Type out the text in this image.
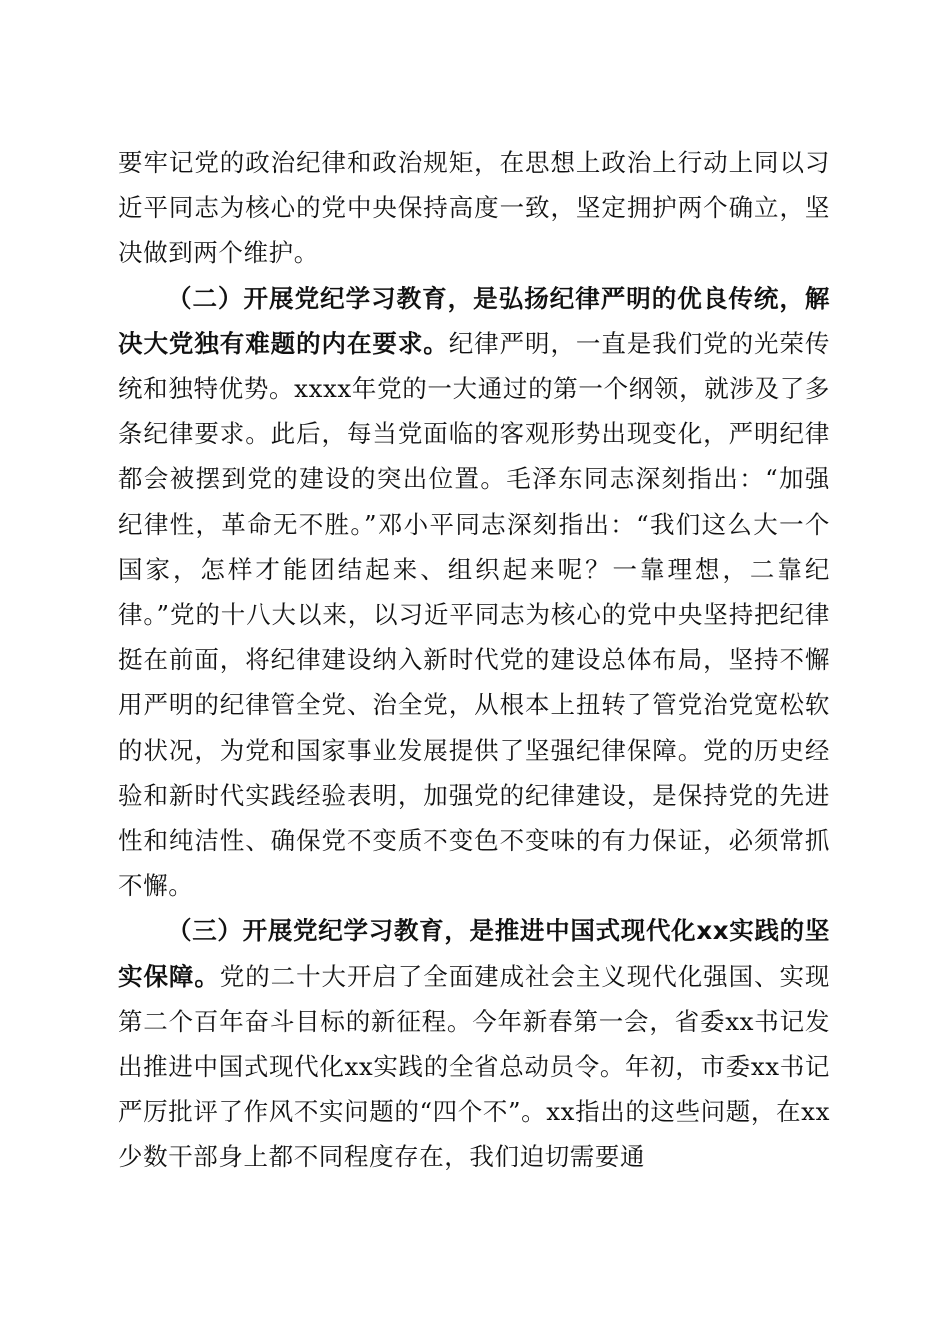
要牢记党的政治纪律和政治规矩，在思想上政治上行动上同以习近平同志为核心的党中央保持高度一致，坚定拥护两个确立，坚决做到两个维护。

（二）开展党纪学习教育，是弘扬纪律严明的优良传统，解决大党独有难题的内在要求。纪律严明，一直是我们党的光荣传统和独特优势。xxxx年党的一大通过的第一个纲领，就涉及了多条纪律要求。此后，每当党面临的客观形势出现变化，严明纪律都会被摆到党的建设的突出位置。毛泽东同志深刻指出：“加强纪律性，革命无不胜。”邓小平同志深刻指出：“我们这么大一个国家，怎样才能团结起来、组织起来呢？一靠理想，二靠纪律。”党的十八大以来，以习近平同志为核心的党中央坚持把纪律挺在前面，将纪律建设纳入新时代党的建设总体布局，坚持不懈用严明的纪律管全党、治全党，从根本上扭转了管党治党宽松软的状况，为党和国家事业发展提供了坚强纪律保障。党的历史经验和新时代实践经验表明，加强党的纪律建设，是保持党的先进性和纯洁性、确保党不变质不变色不变味的有力保证，必须常抓不懈。

（三）开展党纪学习教育，是推进中国式现代化xx实践的坚实保障。党的二十大开启了全面建成社会主义现代化强国、实现第二个百年奋斗目标的新征程。今年新春第一会，省委xx书记发出推进中国式现代化xx实践的全省总动员令。年初，市委xx书记严厉批评了作风不实问题的“四个不”。xx指出的这些问题，在xx少数干部身上都不同程度存在，我们迫切需要通
